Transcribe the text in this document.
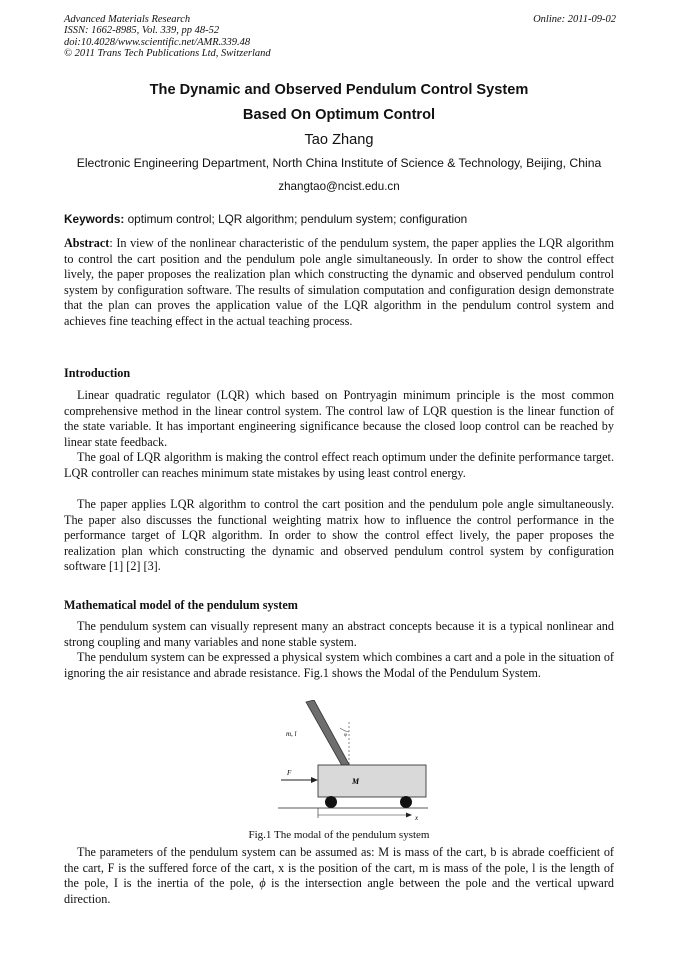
Advanced Materials Research
ISSN: 1662-8985, Vol. 339, pp 48-52
doi:10.4028/www.scientific.net/AMR.339.48
© 2011 Trans Tech Publications Ltd, Switzerland
Online: 2011-09-02
The Dynamic and Observed Pendulum Control System
Based On Optimum Control
Tao Zhang
Electronic Engineering Department, North China Institute of Science & Technology, Beijing, China
zhangtao@ncist.edu.cn
Keywords: optimum control; LQR algorithm; pendulum system; configuration

Abstract: In view of the nonlinear characteristic of the pendulum system, the paper applies the LQR algorithm to control the cart position and the pendulum pole angle simultaneously. In order to show the control effect lively, the paper proposes the realization plan which constructing the dynamic and observed pendulum control system by configuration software. The results of simulation computation and configuration design demonstrate that the plan can proves the application value of the LQR algorithm in the pendulum control system and achieves fine teaching effect in the actual teaching process.

Introduction

Linear quadratic regulator (LQR) which based on Pontryagin minimum principle is the most common comprehensive method in the linear control system. The control law of LQR question is the linear function of the state variable. It has important engineering significance because the closed loop control can be reached by linear state feedback.

The goal of LQR algorithm is making the control effect reach optimum under the definite performance target. LQR controller can reaches minimum state mistakes by using least control energy.

The paper applies LQR algorithm to control the cart position and the pendulum pole angle simultaneously. The paper also discusses the functional weighting matrix how to influence the control performance in the performance target of LQR algorithm. In order to show the control effect lively, the paper proposes the realization plan which constructing the dynamic and observed pendulum control system by configuration software [1] [2] [3].

Mathematical model of the pendulum system

The pendulum system can visually represent many an abstract concepts because it is a typical nonlinear and strong coupling and many variables and none stable system.

The pendulum system can be expressed a physical system which combines a cart and a pole in the situation of ignoring the air resistance and abrade resistance. Fig.1 shows the Modal of the Pendulum System.

m, l	φ
M
F
x
Fig.1 The modal of the pendulum system

The parameters of the pendulum system can be assumed as: M is mass of the cart, b is abrade coefficient of the cart, F is the suffered force of the cart, x is the position of the cart, m is mass of the pole, l is the length of the pole, I is the inertia of the pole, ϕ is the intersection angle between the pole and the vertical upward direction.
